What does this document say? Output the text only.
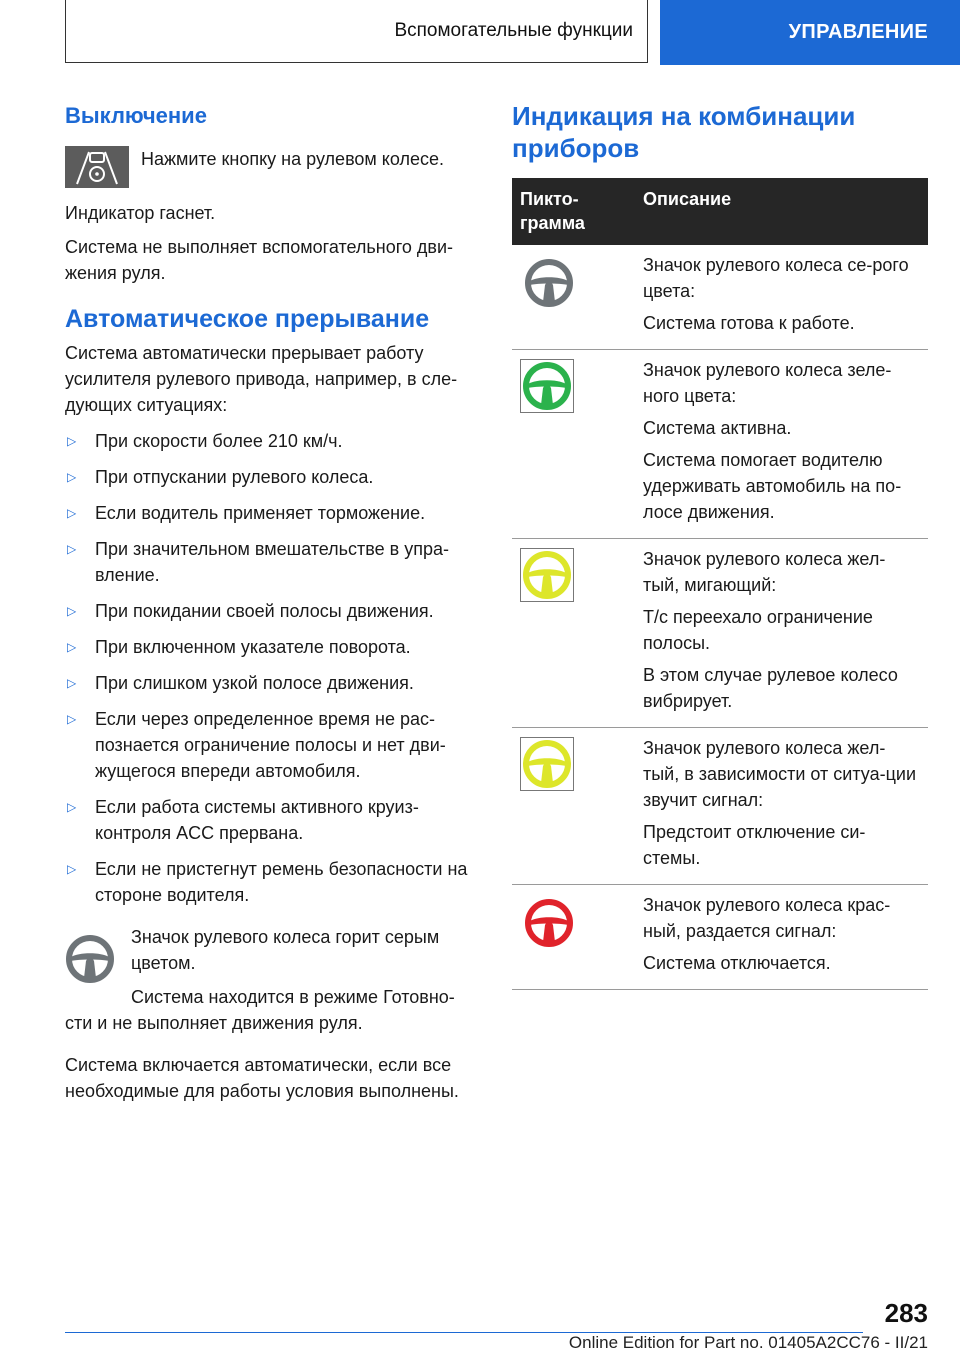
Вспомогательные функции	УПРАВЛЕНИЕ
Выключение

Нажмите кнопку на рулевом колесе.

Индикатор гаснет.

Система не выполняет вспомогательного дви-жения руля.

Автоматическое прерывание

Система автоматически прерывает работу усилителя рулевого привода, например, в сле-дующих ситуациях:

▷	При скорости более 210 км/ч.
▷	При отпускании рулевого колеса.
▷	Если водитель применяет торможение.
▷	При значительном вмешательстве в упра-вление.
▷	При покидании своей полосы движения.
▷	При включенном указателе поворота.
▷	При слишком узкой полосе движения.
▷	Если через определенное время не рас-познается ограничение полосы и нет дви-жущегося впереди автомобиля.
▷	Если работа системы активного круиз-контроля ACC прервана.
▷	Если не пристегнут ремень безопасности на стороне водителя.

Значок рулевого колеса горит серым цветом.

Система находится в режиме Готовно-

сти и не выполняет движения руля.

Система включается автоматически, если все необходимые для работы условия выполнены.

Индикация на комбинации приборов
Пикто-грамма	Описание

Значок рулевого колеса се-рого цвета:

Система готова к работе.

Значок рулевого колеса зеле-ного цвета:

Система активна.

Система помогает водителю удерживать автомобиль на по-лосе движения.

Значок рулевого колеса жел-тый, мигающий:

T/c переехало ограничение полосы.

В этом случае рулевое колесо вибрирует.

Значок рулевого колеса жел-тый, в зависимости от ситуа-ции звучит сигнал:

Предстоит отключение си-стемы.

Значок рулевого колеса крас-ный, раздается сигнал:

Система отключается.

283
Online Edition for Part no. 01405A2CC76 - II/21
